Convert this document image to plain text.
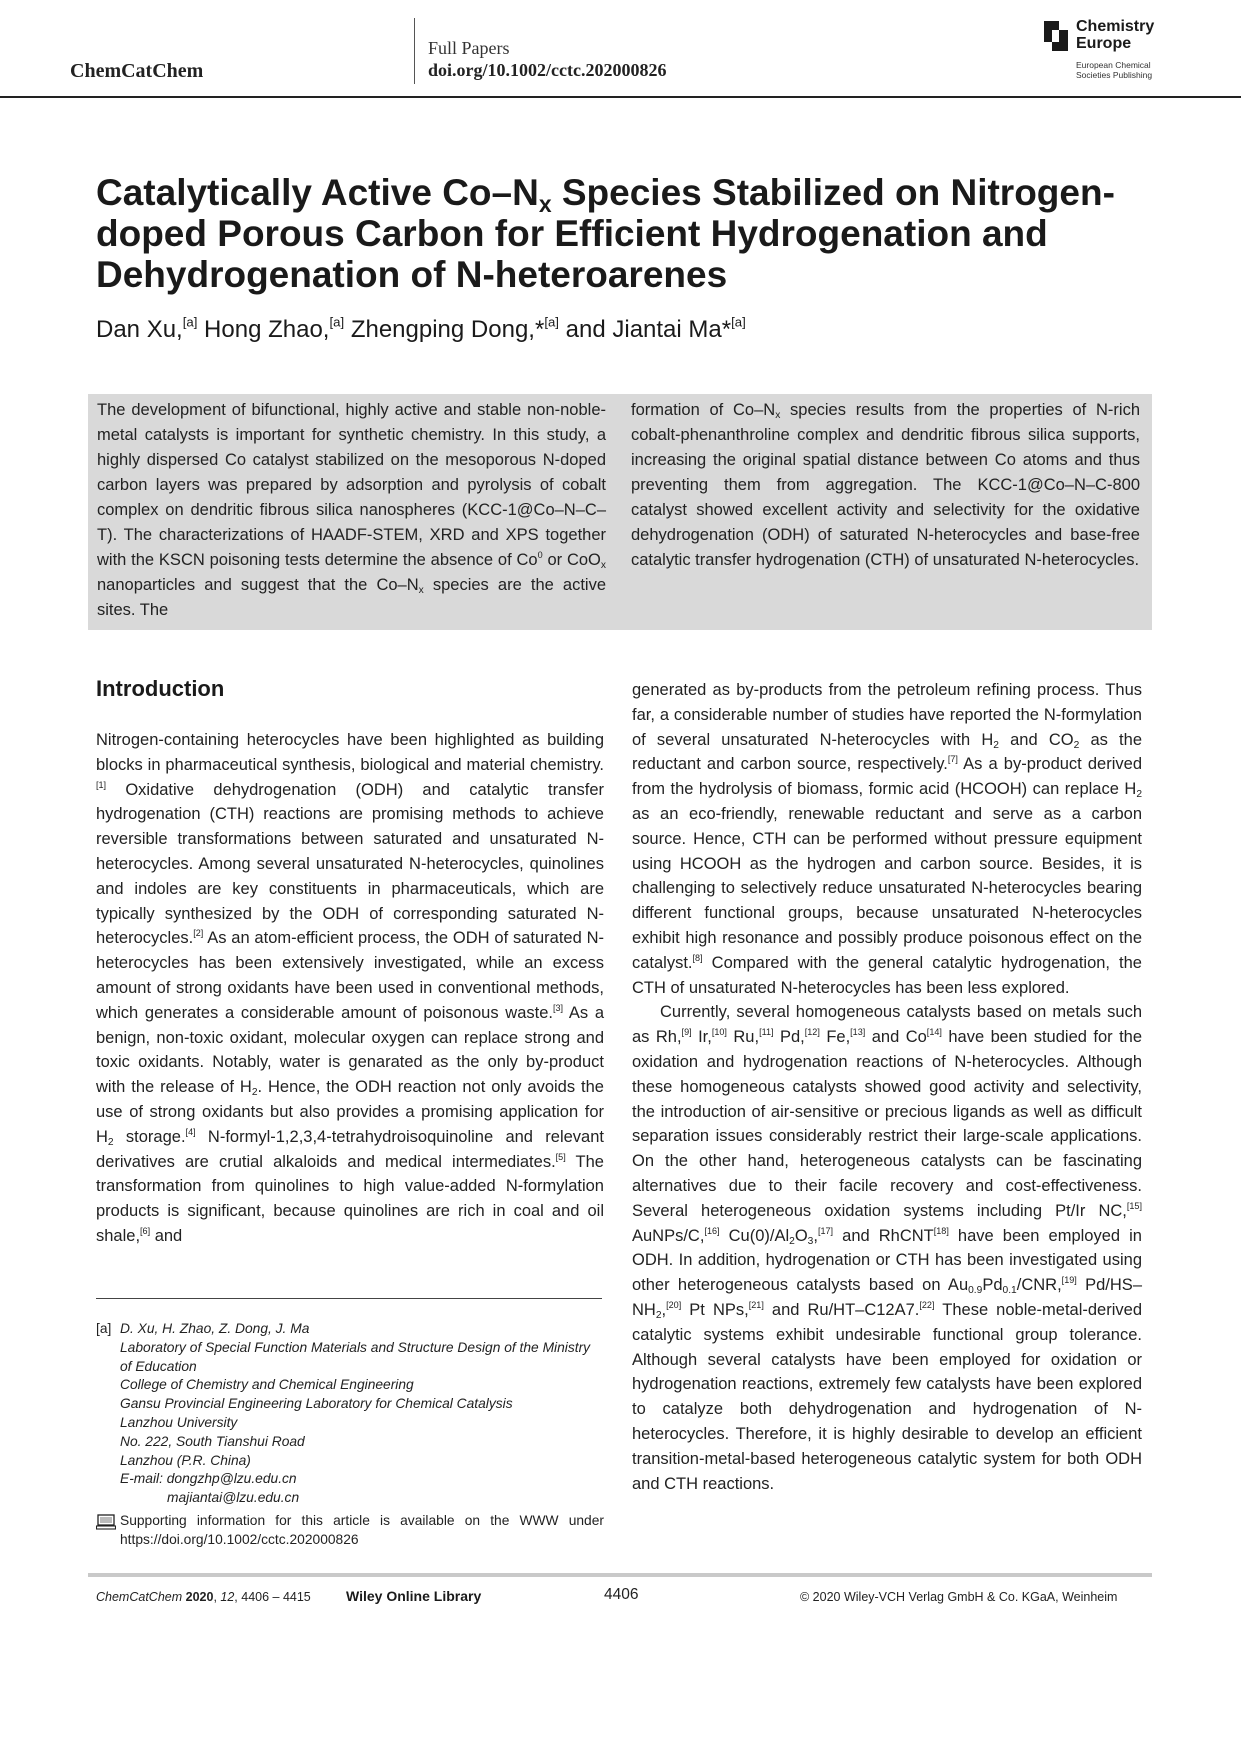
ChemCatChem
Full Papers
doi.org/10.1002/cctc.202000826
Chemistry
Europe
European Chemical
Societies Publishing
Catalytically Active $Co-N_x$ Species Stabilized on Nitrogen-doped Porous Carbon for Efficient Hydrogenation and Dehydrogenation of N-heteroarenes
Dan Xu,[a] Hong Zhao,[a] Zhengping Dong,*[a] and Jiantai Ma*[a]

The development of bifunctional, highly active and stable non-noble-metal catalysts is important for synthetic chemistry. In this study, a highly dispersed Co catalyst stabilized on the mesoporous N-doped carbon layers was prepared by adsorption and pyrolysis of cobalt complex on dendritic fibrous silica nanospheres (KCC-1@Co–N–C–T). The characterizations of HAADF-STEM, XRD and XPS together with the KSCN poisoning tests determine the absence of Co$^0$ or CoO$_x$ nanoparticles and suggest that the $Co-N_x$ species are the active sites. The

formation of $Co-N_x$ species results from the properties of N-rich cobalt-phenanthroline complex and dendritic fibrous silica supports, increasing the original spatial distance between Co atoms and thus preventing them from aggregation. The KCC-1@Co–N–C-800 catalyst showed excellent activity and selectivity for the oxidative dehydrogenation (ODH) of saturated N-heterocycles and base-free catalytic transfer hydrogenation (CTH) of unsaturated N-heterocycles.

Introduction

Nitrogen-containing heterocycles have been highlighted as building blocks in pharmaceutical synthesis, biological and material chemistry.[1] Oxidative dehydrogenation (ODH) and catalytic transfer hydrogenation (CTH) reactions are promising methods to achieve reversible transformations between saturated and unsaturated N-heterocycles. Among several unsaturated N-heterocycles, quinolines and indoles are key constituents in pharmaceuticals, which are typically synthesized by the ODH of corresponding saturated N-heterocycles.[2] As an atom-efficient process, the ODH of saturated N-heterocycles has been extensively investigated, while an excess amount of strong oxidants have been used in conventional methods, which generates a considerable amount of poisonous waste.[3] As a benign, non-toxic oxidant, molecular oxygen can replace strong and toxic oxidants. Notably, water is genarated as the only by-product with the release of $H_2$. Hence, the ODH reaction not only avoids the use of strong oxidants but also provides a promising application for $H_2$ storage.[4] N-formyl-1,2,3,4-tetrahydroisoquinoline and relevant derivatives are crutial alkaloids and medical intermediates.[5] The transformation from quinolines to high value-added N-formylation products is significant, because quinolines are rich in coal and oil shale,[6] and

generated as by-products from the petroleum refining process. Thus far, a considerable number of studies have reported the N-formylation of several unsaturated N-heterocycles with $H_2$ and $CO_2$ as the reductant and carbon source, respectively.[7] As a by-product derived from the hydrolysis of biomass, formic acid (HCOOH) can replace $H_2$ as an eco-friendly, renewable reductant and serve as a carbon source. Hence, CTH can be performed without pressure equipment using HCOOH as the hydrogen and carbon source. Besides, it is challenging to selectively reduce unsaturated N-heterocycles bearing different functional groups, because unsaturated N-heterocycles exhibit high resonance and possibly produce poisonous effect on the catalyst.[8] Compared with the general catalytic hydrogenation, the CTH of unsaturated N-heterocycles has been less explored.

Currently, several homogeneous catalysts based on metals such as Rh,[9] Ir,[10] Ru,[11] Pd,[12] Fe,[13] and Co[14] have been studied for the oxidation and hydrogenation reactions of N-heterocycles. Although these homogeneous catalysts showed good activity and selectivity, the introduction of air-sensitive or precious ligands as well as difficult separation issues considerably restrict their large-scale applications. On the other hand, heterogeneous catalysts can be fascinating alternatives due to their facile recovery and cost-effectiveness. Several heterogeneous oxidation systems including Pt/Ir NC,[15] AuNPs/C,[16] $Cu(0)/Al_2O_3,[17]$ and RhCNT[18] have been employed in ODH. In addition, hydrogenation or CTH has been investigated using other heterogeneous catalysts based on $Au_{0.9}Pd_{0.1}/CNR,[19]$ $Pd/HS-NH_2,[20]$ Pt NPs,[21] and Ru/HT–C12A7.[22] These noble-metal-derived catalytic systems exhibit undesirable functional group tolerance. Although several catalysts have been employed for oxidation or hydrogenation reactions, extremely few catalysts have been explored to catalyze both dehydrogenation and hydrogenation of N-heterocycles. Therefore, it is highly desirable to develop an efficient transition-metal-based heterogeneous catalytic system for both ODH and CTH reactions.

[a] D. Xu, H. Zhao, Z. Dong, J. Ma
Laboratory of Special Function Materials and Structure Design of the Ministry of Education
College of Chemistry and Chemical Engineering
Gansu Provincial Engineering Laboratory for Chemical Catalysis
Lanzhou University
No. 222, South Tianshui Road
Lanzhou (P.R. China)
E-mail: dongzhp@lzu.edu.cn
majiantai@lzu.edu.cn
Supporting information for this article is available on the WWW under https://doi.org/10.1002/cctc.202000826
ChemCatChem 2020, 12, 4406 – 4415	Wiley Online Library	4406	© 2020 Wiley-VCH Verlag GmbH & Co. KGaA, Weinheim
